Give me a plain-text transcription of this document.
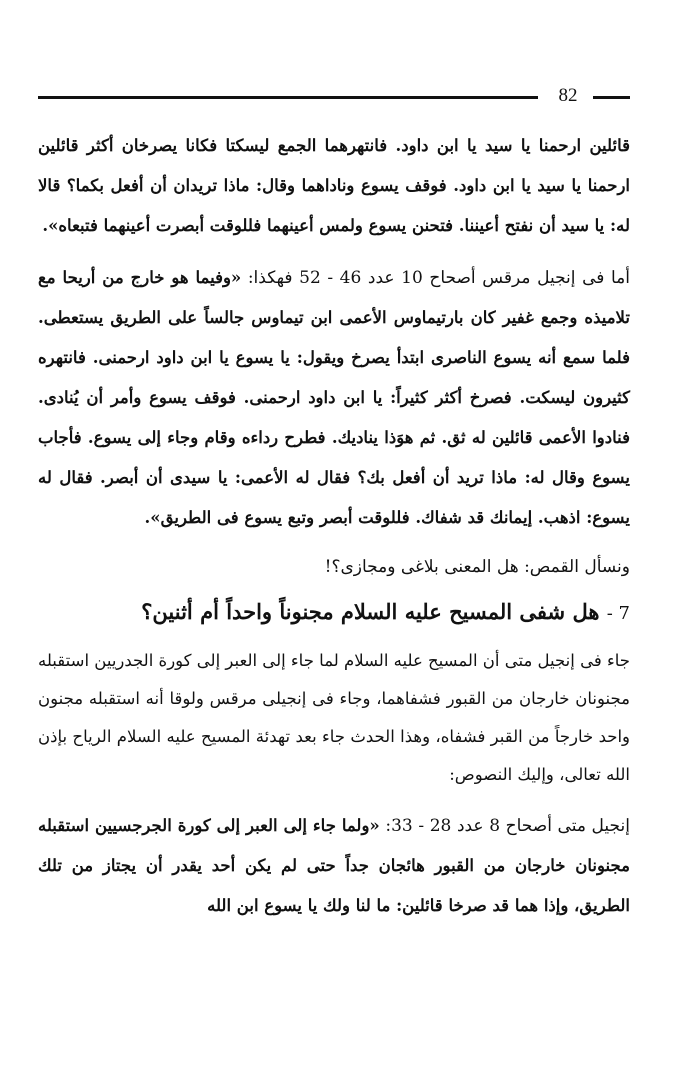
82

قائلين ارحمنا يا سيد يا ابن داود. فانتهرهما الجمع ليسكتا فكانا يصرخان أكثر قائلين ارحمنا يا سيد يا ابن داود. فوقف يسوع وناداهما وقال: ماذا تريدان أن أفعل بكما؟ قالا له: يا سيد أن نفتح أعيننا. فتحنن يسوع ولمس أعينهما فللوقت أبصرت أعينهما فتبعاه».

أما فى إنجيل مرقس أصحاح 10 عدد 46 - 52 فهكذا: «وفيما هو خارج من أريحا مع تلاميذه وجمع غفير كان بارتيماوس الأعمى ابن تيماوس جالساً على الطريق يستعطى. فلما سمع أنه يسوع الناصرى ابتدأ يصرخ ويقول: يا يسوع يا ابن داود ارحمنى. فانتهره كثيرون ليسكت. فصرخ أكثر كثيراً: يا ابن داود ارحمنى. فوقف يسوع وأمر أن يُنادى. فنادوا الأعمى قائلين له ثق. ثم هوَذا يناديك. فطرح رداءه وقام وجاء إلى يسوع. فأجاب يسوع وقال له: ماذا تريد أن أفعل بك؟ فقال له الأعمى: يا سيدى أن أبصر. فقال له يسوع: اذهب. إيمانك قد شفاك. فللوقت أبصر وتبع يسوع فى الطريق».

ونسأل القمص: هل المعنى بلاغى ومجازى؟!

7 - هل شفى المسيح عليه السلام مجنوناً واحداً أم أثنين؟

جاء فى إنجيل متى أن المسيح عليه السلام لما جاء إلى العبر إلى كورة الجدريين استقبله مجنونان خارجان من القبور فشفاهما، وجاء فى إنجيلى مرقس ولوقا أنه استقبله مجنون واحد خارجاً من القبر فشفاه، وهذا الحدث جاء بعد تهدئة المسيح عليه السلام الرياح بإذن الله تعالى، وإليك النصوص:

إنجيل متى أصحاح 8 عدد 28 - 33: «ولما جاء إلى العبر إلى كورة الجرجسيين استقبله مجنونان خارجان من القبور هائجان جداً حتى لم يكن أحد يقدر أن يجتاز من تلك الطريق، وإذا هما قد صرخا قائلين: ما لنا ولك يا يسوع ابن الله
